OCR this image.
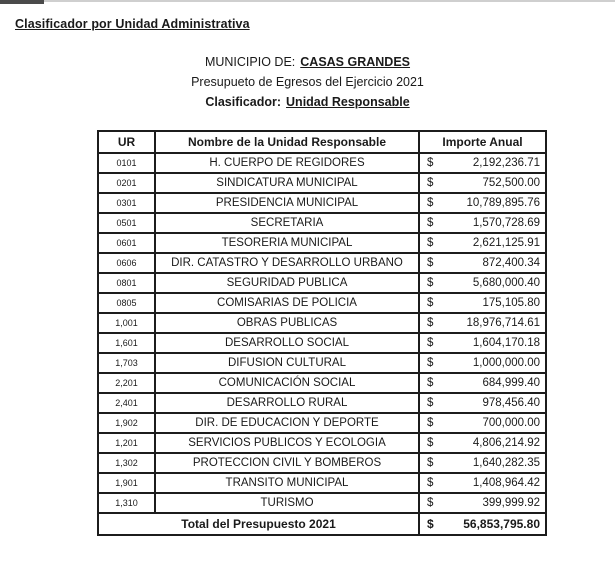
Clasificador por Unidad Administrativa
MUNICIPIO DE: CASAS GRANDES
Presupueto de Egresos del Ejercicio 2021
Clasificador: Unidad Responsable
UR	Nombre de la Unidad Responsable	Importe Anual
0101	H. CUERPO DE REGIDORES	$ 2,192,236.71

0201	SINDICATURA MUNICIPAL	$ 752,500.00

0301	PRESIDENCIA MUNICIPAL	$ 10,789,895.76

0501	SECRETARIA	$ 1,570,728.69

0601	TESORERIA MUNICIPAL	$ 2,621,125.91

0606	DIR. CATASTRO Y DESARROLLO URBANO	$ 872,400.34

0801	SEGURIDAD PUBLICA	$ 5,680,000.40

0805	COMISARIAS DE POLICIA	$ 175,105.80

1,001	OBRAS PUBLICAS	$ 18,976,714.61

1,601	DESARROLLO SOCIAL	$ 1,604,170.18

1,703	DIFUSION CULTURAL	$ 1,000,000.00

2,201	COMUNICACIÓN SOCIAL	$ 684,999.40

2,401	DESARROLLO RURAL	$ 978,456.40

1,902	DIR. DE EDUCACION Y DEPORTE	$ 700,000.00

1,201	SERVICIOS PUBLICOS Y ECOLOGIA	$ 4,806,214.92

1,302	PROTECCION CIVIL Y BOMBEROS	$ 1,640,282.35

1,901	TRANSITO MUNICIPAL	$ 1,408,964.42

1,310	TURISMO	$ 399,999.92

Total del Presupuesto 2021		$ 56,853,795.80
